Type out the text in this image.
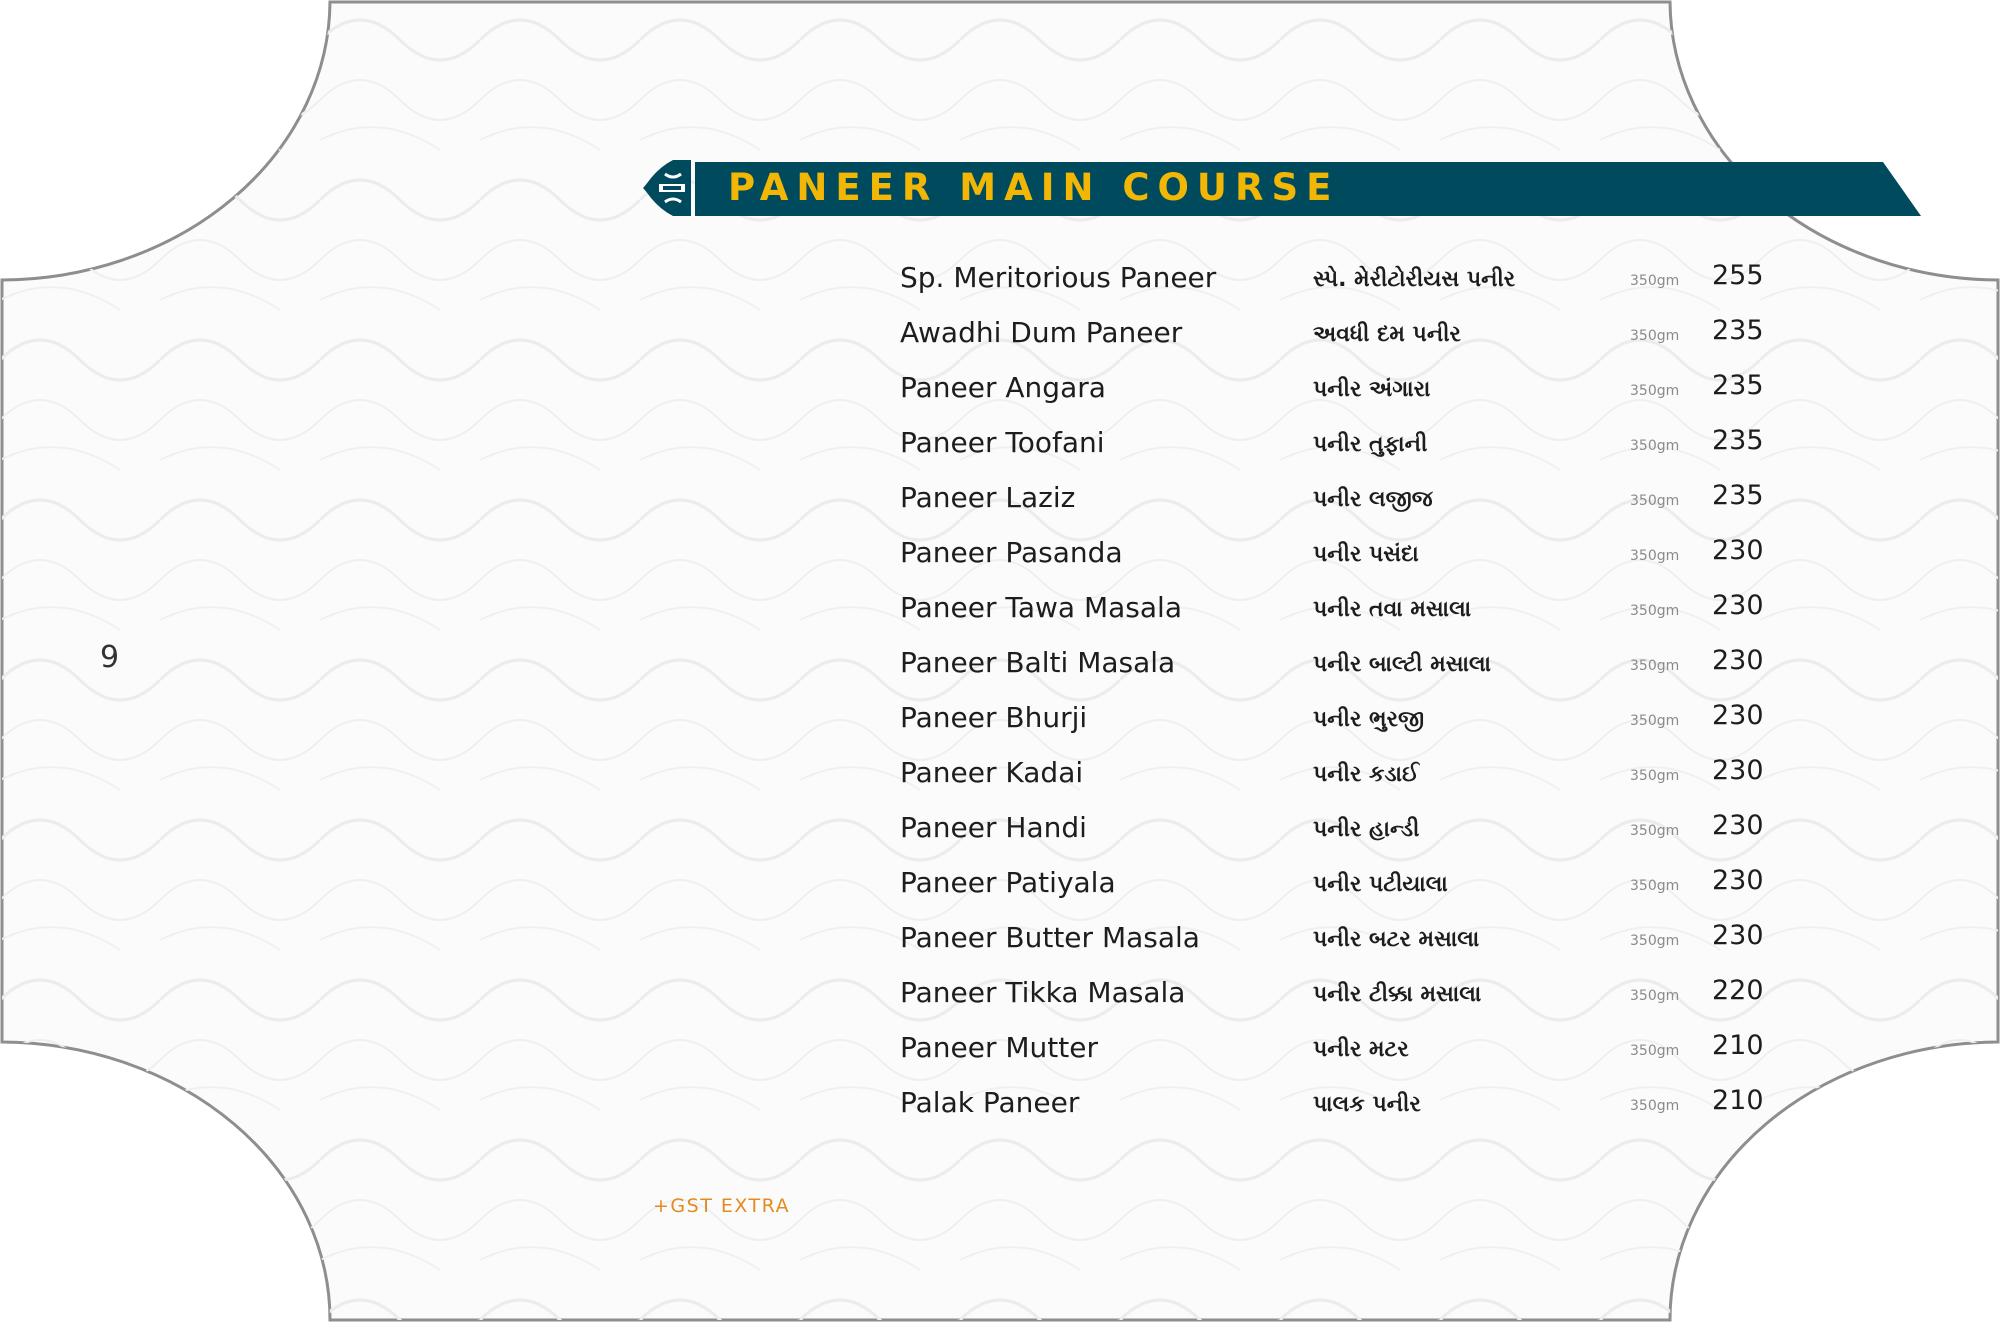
9
PANEER MAIN COURSE
Sp. Meritorious Paneer	સ્પે. મેરીટોરીયસ પનીર	350gm 255
Awadhi Dum Paneer	અવધી દમ પનીર	350gm 235
Paneer Angara	પનીર અંગારા	350gm 235
Paneer Toofani	પનીર તુફાની	350gm 235
Paneer Laziz	પનીર લજીજ	350gm 235
Paneer Pasanda	પનીર પસંદા	350gm 230
Paneer Tawa Masala	પનીર તવા મસાલા	350gm 230
Paneer Balti Masala	પનીર બાલ્ટી મસાલા	350gm 230
Paneer Bhurji	પનીર ભુરજી	350gm 230
Paneer Kadai	પનીર કડાઈ	350gm 230
Paneer Handi	પનીર હાન્ડી	350gm 230
Paneer Patiyala	પનીર પટીયાલા	350gm 230
Paneer Butter Masala	પનીર બટર મસાલા	350gm 230
Paneer Tikka Masala	પનીર ટીક્કા મસાલા	350gm 220
Paneer Mutter	પનીર મટર	350gm 210
Palak Paneer	પાલક પનીર	350gm 210
+GST EXTRA
